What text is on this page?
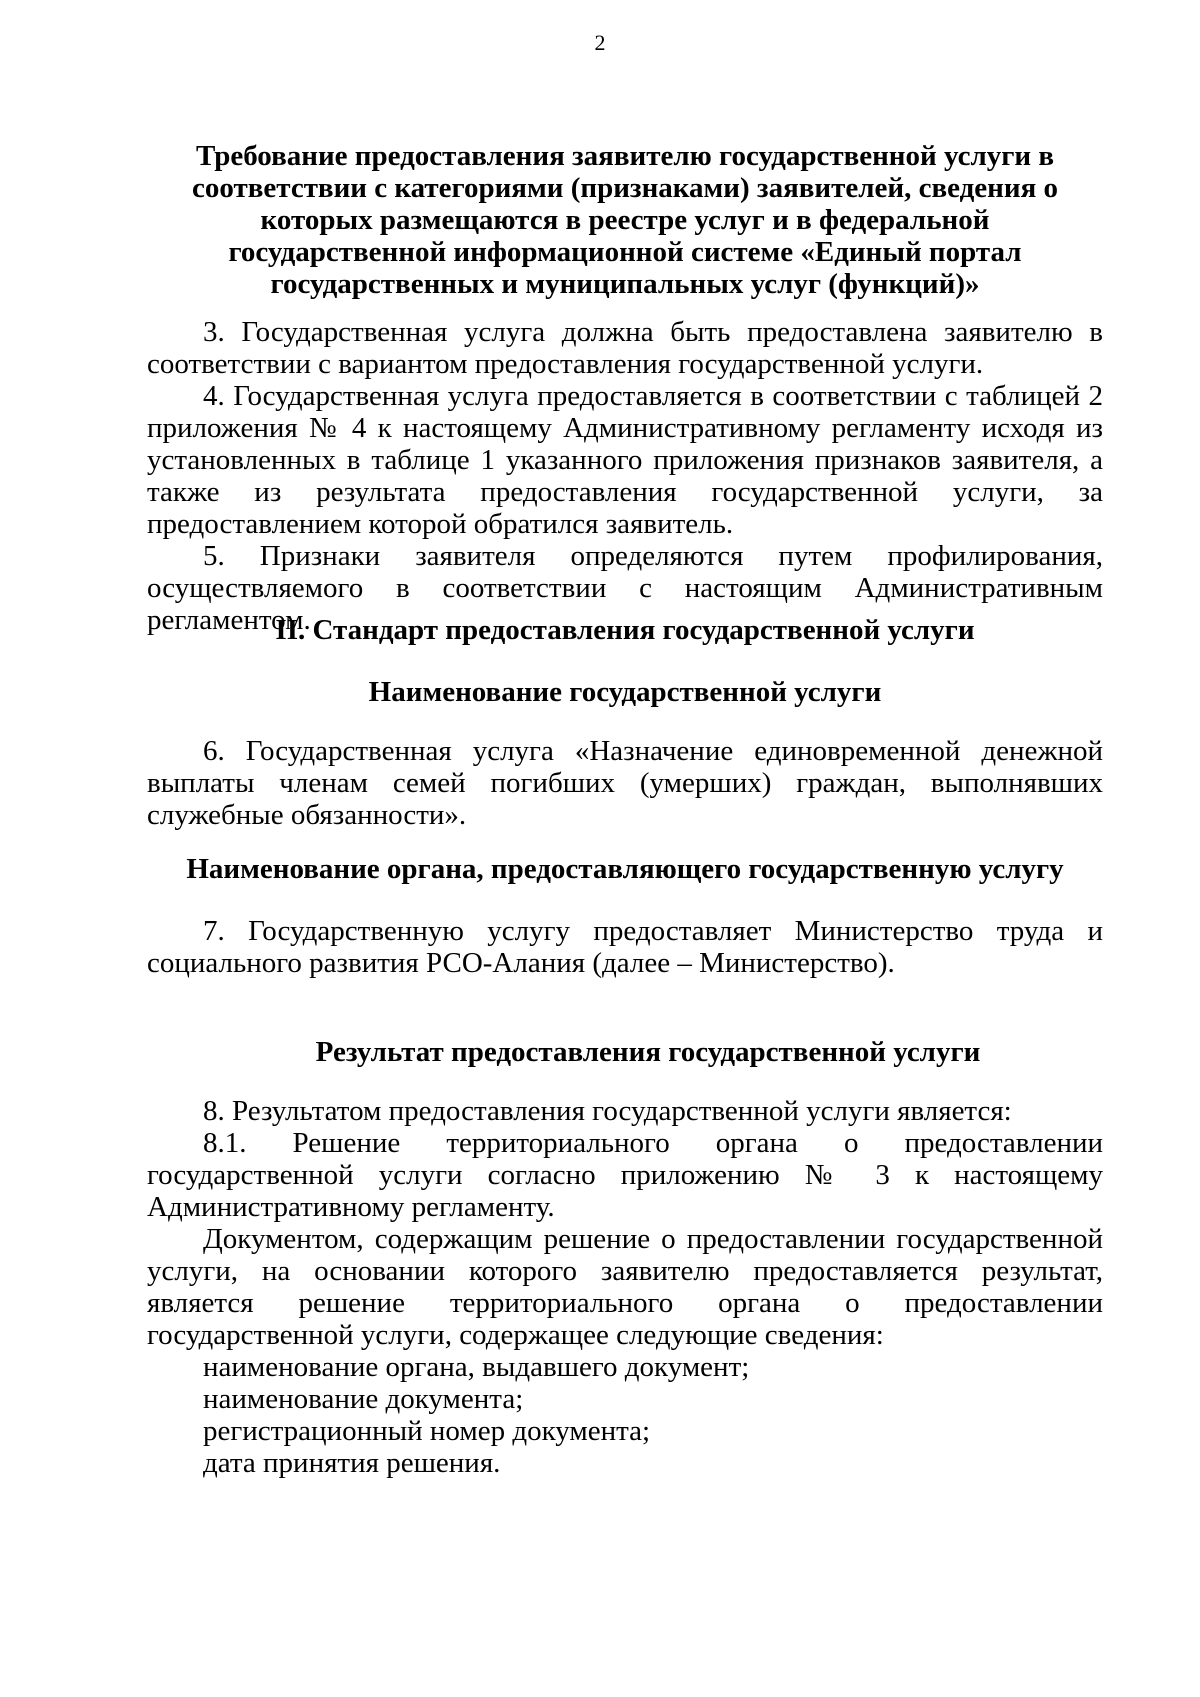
2
Требование предоставления заявителю государственной услуги в соответствии с категориями (признаками) заявителей, сведения о которых размещаются в реестре услуг и в федеральной государственной информационной системе «Единый портал государственных и муниципальных услуг (функций)»

3. Государственная услуга должна быть предоставлена заявителю в соответствии с вариантом предоставления государственной услуги.

4. Государственная услуга предоставляется в соответствии с таблицей 2 приложения № 4 к настоящему Административному регламенту исходя из установленных в таблице 1 указанного приложения признаков заявителя, а также из результата предоставления государственной услуги, за предоставлением которой обратился заявитель.

5. Признаки заявителя определяются путем профилирования, осуществляемого в соответствии с настоящим Административным регламентом.

II. Стандарт предоставления государственной услуги
Наименование государственной услуги

6. Государственная услуга «Назначение единовременной денежной выплаты членам семей погибших (умерших) граждан, выполнявших служебные обязанности».

Наименование органа, предоставляющего государственную услугу

7. Государственную услугу предоставляет Министерство труда и социального развития РСО-Алания (далее – Министерство).

Результат предоставления государственной услуги

8. Результатом предоставления государственной услуги является:

8.1. Решение территориального органа о предоставлении государственной услуги согласно приложению № 3 к настоящему Административному регламенту.

Документом, содержащим решение о предоставлении государственной услуги, на основании которого заявителю предоставляется результат, является решение территориального органа о предоставлении государственной услуги, содержащее следующие сведения:

наименование органа, выдавшего документ;

наименование документа;

регистрационный номер документа;

дата принятия решения.
